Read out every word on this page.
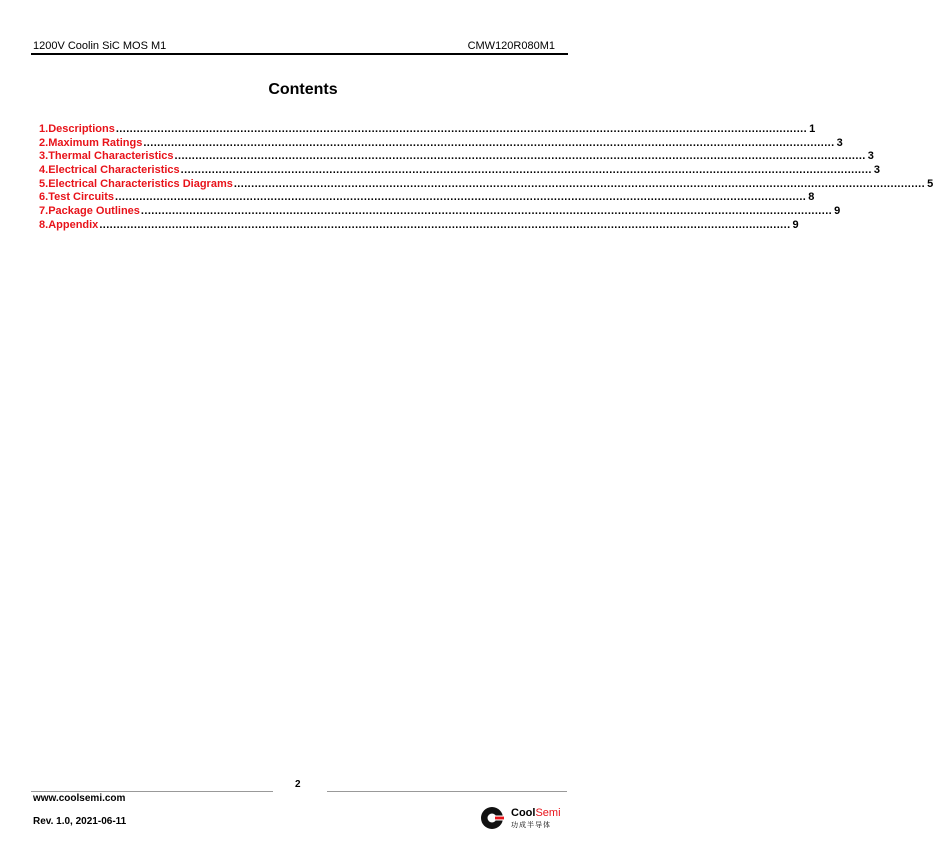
1200V Coolin SiC MOS M1	CMW120R080M1
Contents
1. Descriptions ........................................................................................................................................................................................................ 1
2. Maximum Ratings ........................................................................................................................................................................................................ 3
3. Thermal Characteristics ........................................................................................................................................................................................................ 3
4. Electrical Characteristics ........................................................................................................................................................................................................ 3
5. Electrical Characteristics Diagrams ........................................................................................................................................................................................................ 5
6. Test Circuits ........................................................................................................................................................................................................ 8
7. Package Outlines ........................................................................................................................................................................................................ 9
8. Appendix ........................................................................................................................................................................................................ 9
2
www.coolsemi.com
Rev. 1.0, 2021-06-11
CoolSemi
功成半导体
